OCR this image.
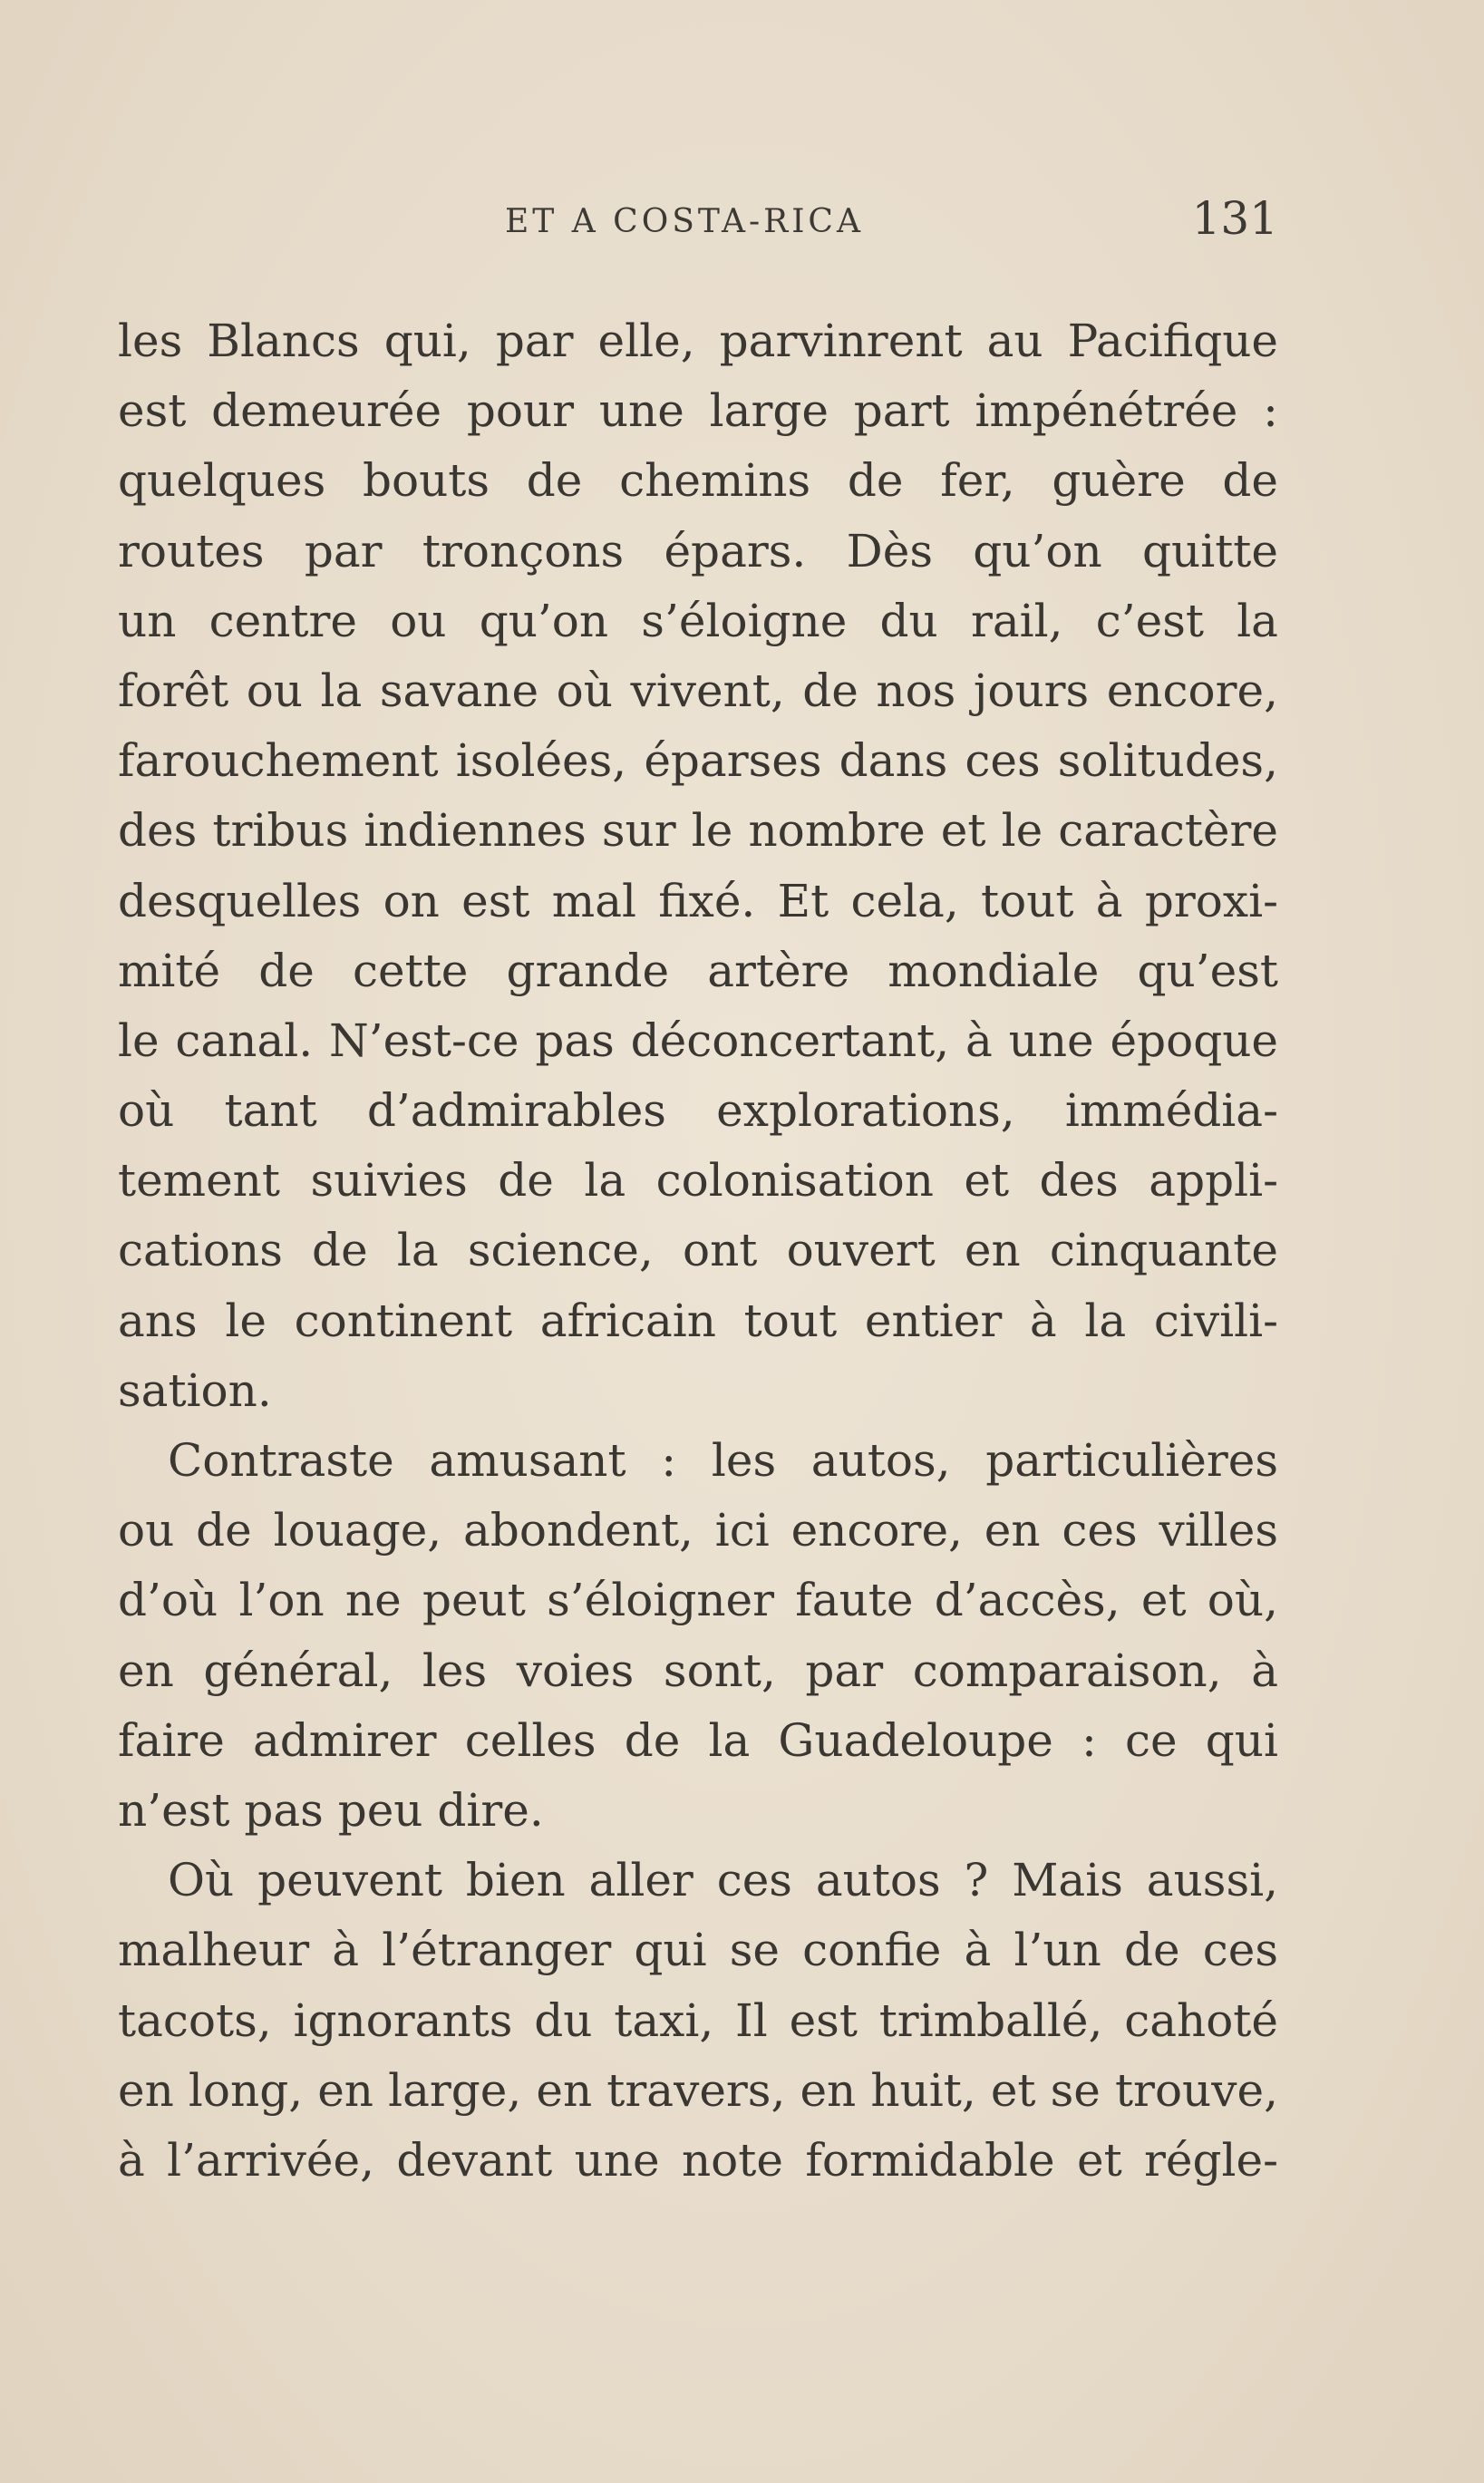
ET A COSTA-RICA	131
les Blancs qui, par elle, parvinrent au Pacifique
est demeurée pour une large part impénétrée :
quelques bouts de chemins de fer, guère de
routes par tronçons épars. Dès qu’on quitte
un centre ou qu’on s’éloigne du rail, c’est la
forêt ou la savane où vivent, de nos jours encore,
farouchement isolées, éparses dans ces solitudes,
des tribus indiennes sur le nombre et le caractère
desquelles on est mal fixé. Et cela, tout à proxi-
mité de cette grande artère mondiale qu’est
le canal. N’est-ce pas déconcertant, à une époque
où tant d’admirables explorations, immédia-
tement suivies de la colonisation et des appli-
cations de la science, ont ouvert en cinquante
ans le continent africain tout entier à la civili-
sation.
Contraste amusant : les autos, particulières
ou de louage, abondent, ici encore, en ces villes
d’où l’on ne peut s’éloigner faute d’accès, et où,
en général, les voies sont, par comparaison, à
faire admirer celles de la Guadeloupe : ce qui
n’est pas peu dire.
Où peuvent bien aller ces autos ? Mais aussi,
malheur à l’étranger qui se confie à l’un de ces
tacots, ignorants du taxi, Il est trimballé, cahoté
en long, en large, en travers, en huit, et se trouve,
à l’arrivée, devant une note formidable et régle-
